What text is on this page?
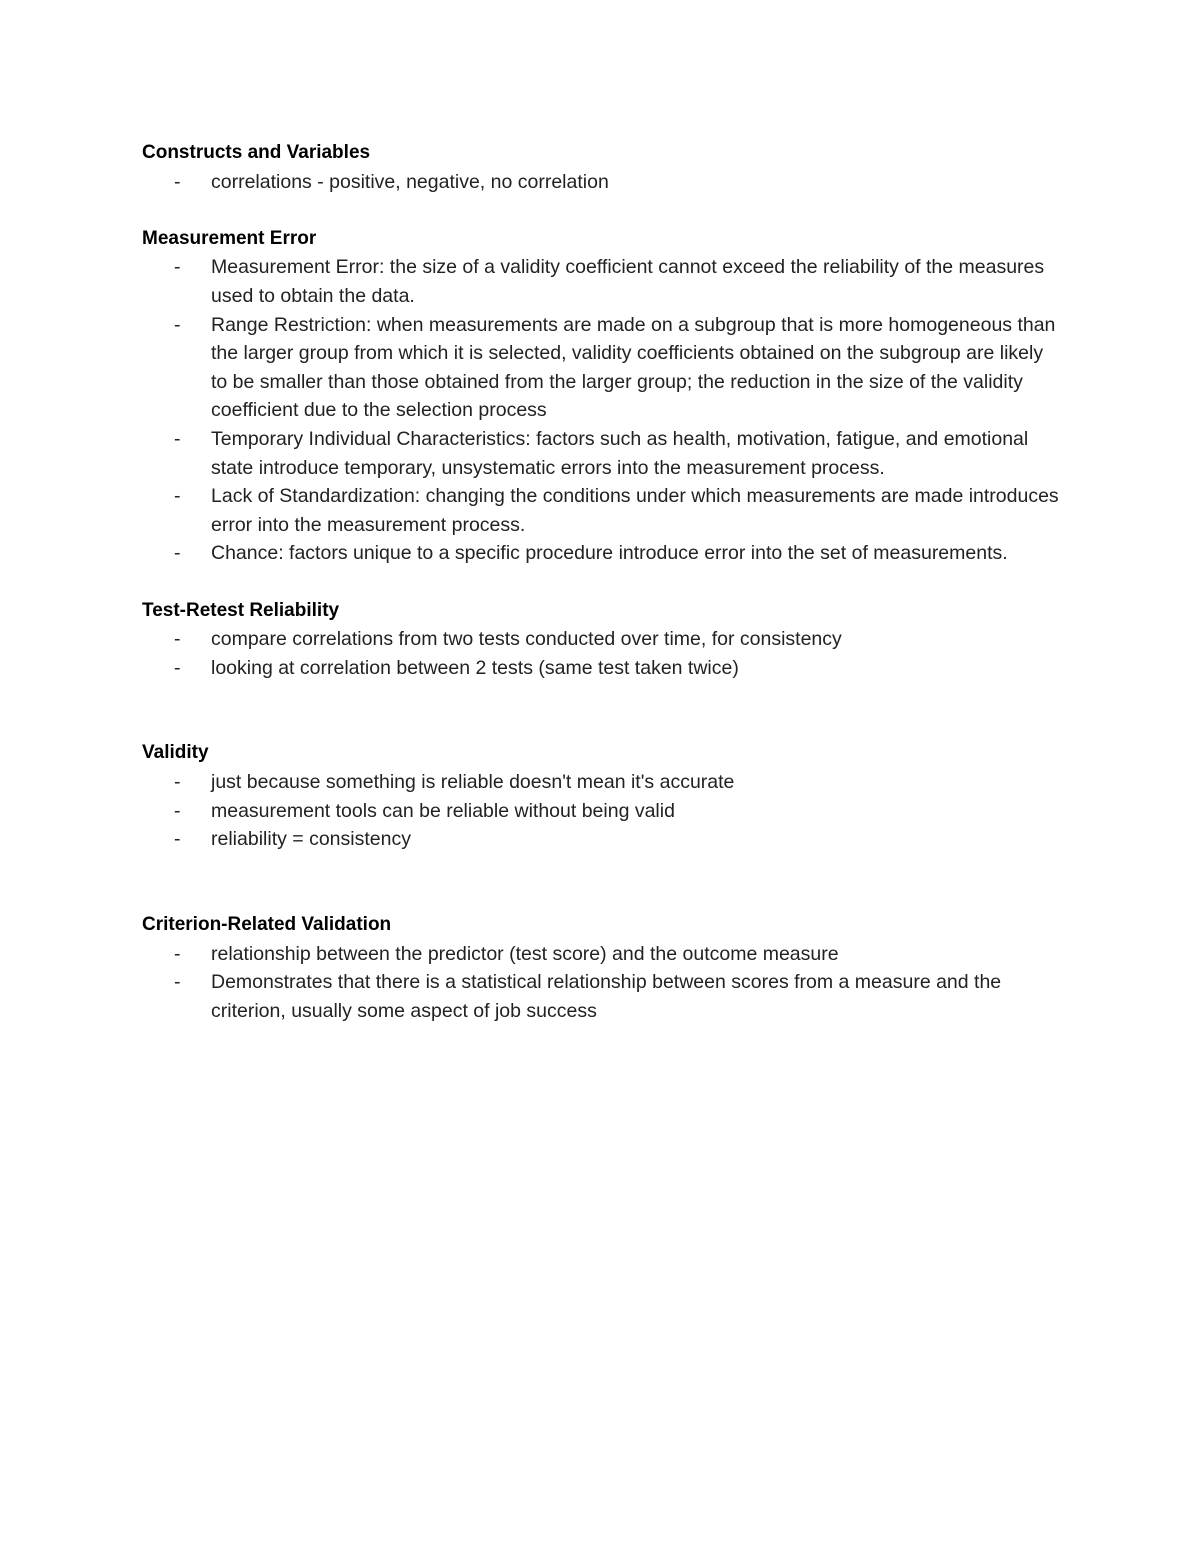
Constructs and Variables
-	correlations - positive, negative, no correlation
Measurement Error
-	Measurement Error: the size of a validity coefficient cannot exceed the reliability of the measures used to obtain the data.
-	Range Restriction: when measurements are made on a subgroup that is more homogeneous than the larger group from which it is selected, validity coefficients obtained on the subgroup are likely to be smaller than those obtained from the larger group; the reduction in the size of the validity coefficient due to the selection process
-	Temporary Individual Characteristics: factors such as health, motivation, fatigue, and emotional state introduce temporary, unsystematic errors into the measurement process.
-	Lack of Standardization: changing the conditions under which measurements are made introduces error into the measurement process.
-	Chance: factors unique to a specific procedure introduce error into the set of measurements.
Test-Retest Reliability
-	compare correlations from two tests conducted over time, for consistency
-	looking at correlation between 2 tests (same test taken twice)
Validity
-	just because something is reliable doesn't mean it's accurate
-	measurement tools can be reliable without being valid
-	reliability = consistency
Criterion-Related Validation
-	relationship between the predictor (test score) and the outcome measure
-	Demonstrates that there is a statistical relationship between scores from a measure and the criterion, usually some aspect of job success
